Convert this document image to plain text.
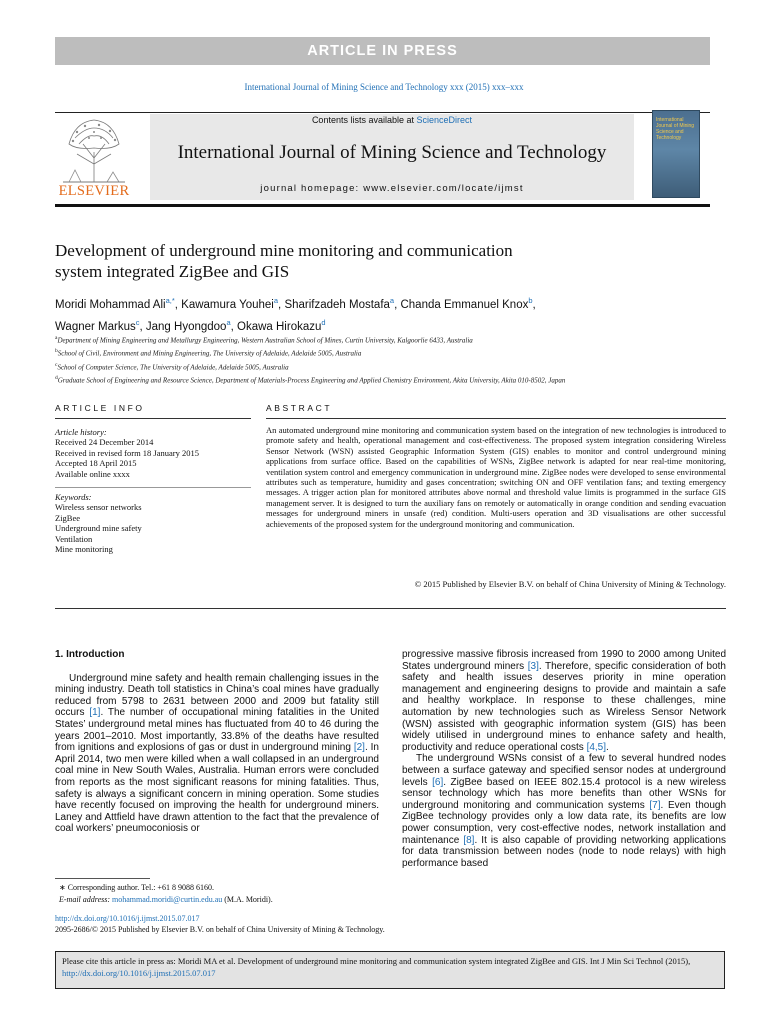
ARTICLE IN PRESS
International Journal of Mining Science and Technology xxx (2015) xxx–xxx
ELSEVIER
Contents lists available at ScienceDirect
International Journal of Mining Science and Technology
journal homepage: www.elsevier.com/locate/ijmst
International Journal of Mining Science and Technology
Development of underground mine monitoring and communication
system integrated ZigBee and GIS
Moridi Mohammad Ali$^{a,*}$, Kawamura Youhei$^a$, Sharifzadeh Mostafa$^a$, Chanda Emmanuel Knox$^b$,
Wagner Markus$^c$, Jang Hyongdoo$^a$, Okawa Hirokazu$^d$
$^a$Department of Mining Engineering and Metallurgy Engineering, Western Australian School of Mines, Curtin University, Kalgoorlie 6433, Australia
$^b$School of Civil, Environment and Mining Engineering, The University of Adelaide, Adelaide 5005, Australia
$^c$School of Computer Science, The University of Adelaide, Adelaide 5005, Australia
$^d$Graduate School of Engineering and Resource Science, Department of Materials-Process Engineering and Applied Chemistry Environment, Akita University, Akita 010-8502, Japan
ARTICLE INFO
Article history:
Received 24 December 2014
Received in revised form 18 January 2015
Accepted 18 April 2015
Available online xxxx
Keywords:
Wireless sensor networks
ZigBee
Underground mine safety
Ventilation
Mine monitoring
ABSTRACT
An automated underground mine monitoring and communication system based on the integration of new technologies is introduced to promote safety and health, operational management and cost-effectiveness. The proposed system integration considering Wireless Sensor Network (WSN) assisted Geographic Information System (GIS) enables to monitor and control underground mining applications from surface office. Based on the capabilities of WSNs, ZigBee network is adapted for near real-time monitoring, ventilation system control and emergency communication in underground mine. ZigBee nodes were developed to sense environmental attributes such as temperature, humidity and gases concentration; switching ON and OFF ventilation fans; and texting emergency messages. A trigger action plan for monitored attributes above normal and threshold value limits is programmed in the surface GIS management server. It is designed to turn the auxiliary fans on remotely or automatically in orange condition and sending evacuation messages for underground miners in unsafe (red) condition. Multi-users operation and 3D visualisations are other successful achievements of the proposed system for the underground monitoring and communication.
© 2015 Published by Elsevier B.V. on behalf of China University of Mining & Technology.
1. Introduction

Underground mine safety and health remain challenging issues in the mining industry. Death toll statistics in China’s coal mines have gradually reduced from 5798 to 2631 between 2000 and 2009 but fatality still occurs [1]. The number of occupational mining fatalities in the United States’ underground metal mines has fluctuated from 40 to 46 during the years 2001–2010. Most importantly, 33.8% of the deaths have resulted from ignitions and explosions of gas or dust in underground mining [2]. In April 2014, two men were killed when a wall collapsed in an underground coal mine in New South Wales, Australia. Human errors were concluded from reports as the most significant reasons for mining fatalities. Thus, safety is always a significant concern in mining operation. Some studies have recently focused on improving the health for underground miners. Laney and Attfield have drawn attention to the fact that the prevalence of coal workers’ pneumoconiosis or

progressive massive fibrosis increased from 1990 to 2000 among United States underground miners [3]. Therefore, specific consideration of both safety and health issues deserves priority in mine operation management and engineering designs to provide and maintain a safe and healthy workplace. In response to these challenges, mine automation by new technologies such as Wireless Sensor Network (WSN) assisted with geographic information system (GIS) has been widely utilised in underground mines to enhance safety and health, productivity and reduce operational costs [4,5].

The underground WSNs consist of a few to several hundred nodes between a surface gateway and specified sensor nodes at underground levels [6]. ZigBee based on IEEE 802.15.4 protocol is a new wireless sensor technology which has more benefits than other WSNs for underground monitoring and communication systems [7]. Even though ZigBee technology provides only a low data rate, its benefits are low power consumption, very cost-effective nodes, network installation and maintenance [8]. It is also capable of providing networking applications for data transmission between nodes (node to node relays) with high performance based

∗ Corresponding author. Tel.: +61 8 9088 6160.
E-mail address: mohammad.moridi@curtin.edu.au (M.A. Moridi).
http://dx.doi.org/10.1016/j.ijmst.2015.07.017
2095-2686/© 2015 Published by Elsevier B.V. on behalf of China University of Mining & Technology.
Please cite this article in press as: Moridi MA et al. Development of underground mine monitoring and communication system integrated ZigBee and GIS. Int J Min Sci Technol (2015), http://dx.doi.org/10.1016/j.ijmst.2015.07.017
